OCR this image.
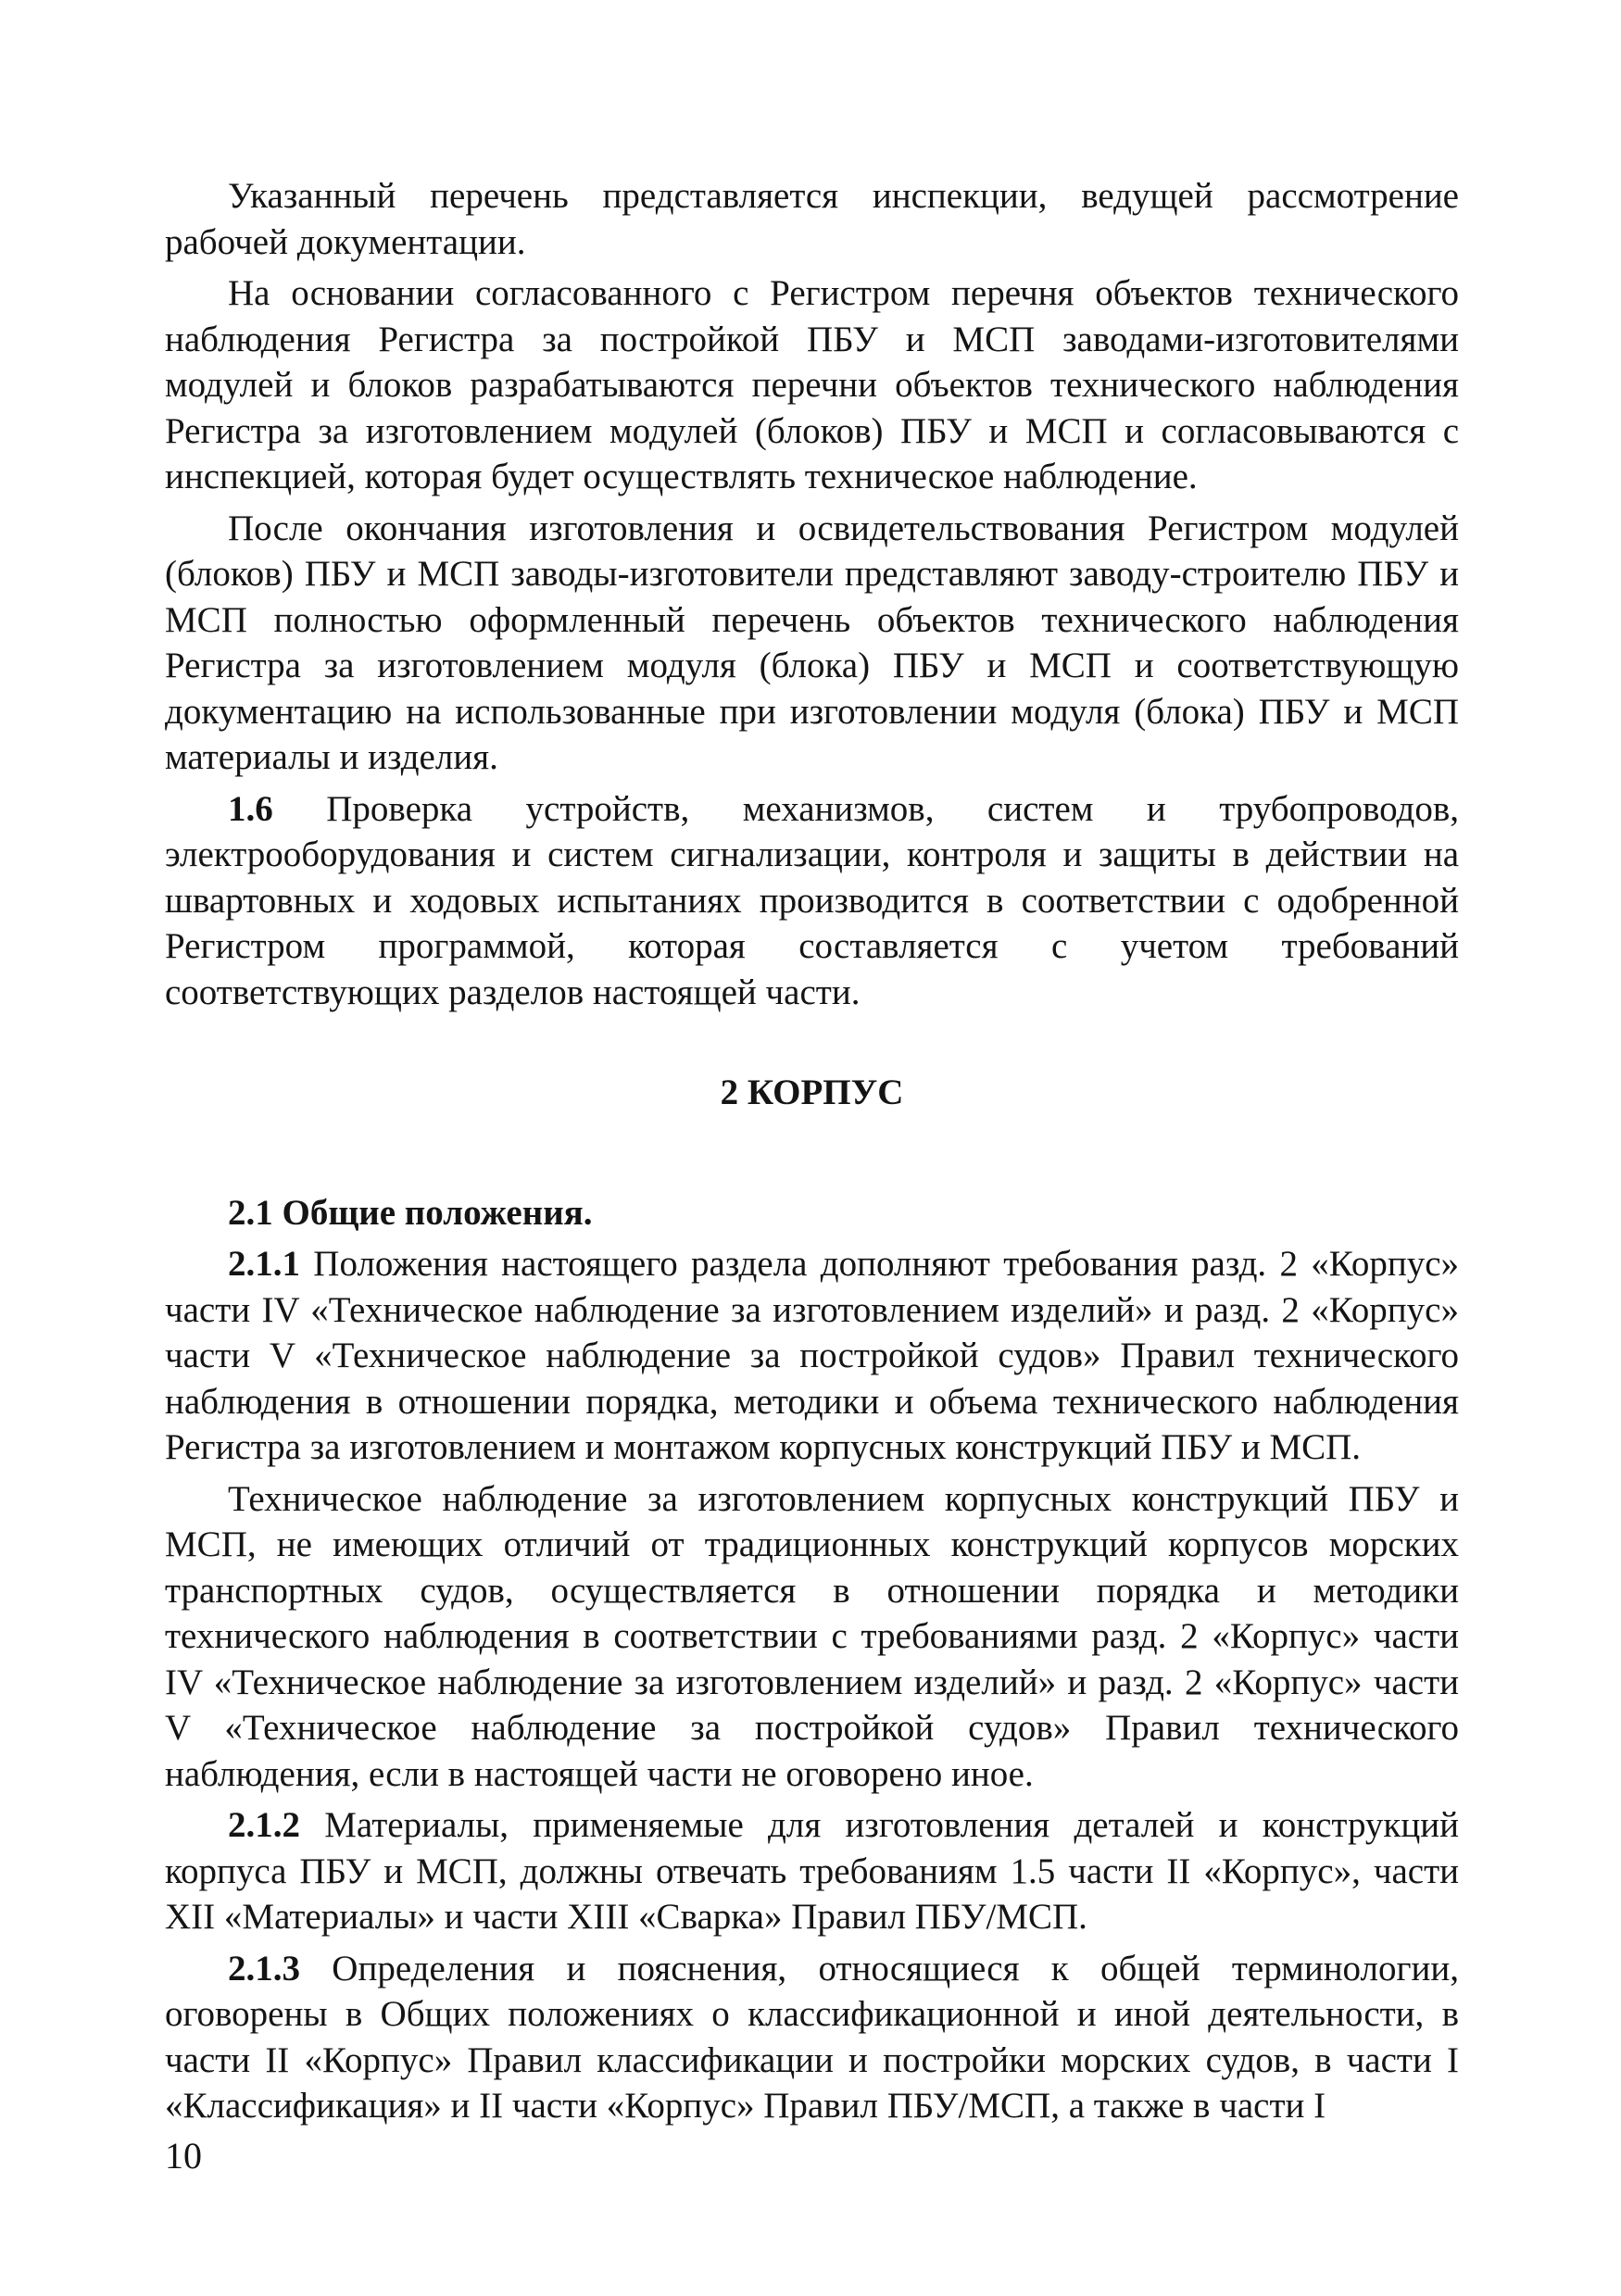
Указанный перечень представляется инспекции, ведущей рассмотрение рабочей документации.

На основании согласованного с Регистром перечня объектов технического наблюдения Регистра за постройкой ПБУ и МСП заводами-изготовителями модулей и блоков разрабатываются перечни объектов технического наблюдения Регистра за изготовлением модулей (блоков) ПБУ и МСП и согласовываются с инспекцией, которая будет осуществлять техническое наблюдение.

После окончания изготовления и освидетельствования Регистром модулей (блоков) ПБУ и МСП заводы-изготовители представляют заводу-строителю ПБУ и МСП полностью оформленный перечень объектов технического наблюдения Регистра за изготовлением модуля (блока) ПБУ и МСП и соответствующую документацию на использованные при изготовлении модуля (блока) ПБУ и МСП материалы и изделия.

1.6 Проверка устройств, механизмов, систем и трубопроводов, электрооборудования и систем сигнализации, контроля и защиты в действии на швартовных и ходовых испытаниях производится в соответствии с одобренной Регистром программой, которая составляется с учетом требований соответствующих разделов настоящей части.

2 КОРПУС
2.1 Общие положения.

2.1.1 Положения настоящего раздела дополняют требования разд. 2 «Корпус» части IV «Техническое наблюдение за изготовлением изделий» и разд. 2 «Корпус» части V «Техническое наблюдение за постройкой судов» Правил технического наблюдения в отношении порядка, методики и объема технического наблюдения Регистра за изготовлением и монтажом корпусных конструкций ПБУ и МСП.

Техническое наблюдение за изготовлением корпусных конструкций ПБУ и МСП, не имеющих отличий от традиционных конструкций корпусов морских транспортных судов, осуществляется в отношении порядка и методики технического наблюдения в соответствии с требованиями разд. 2 «Корпус» части IV «Техническое наблюдение за изготовлением изделий» и разд. 2 «Корпус» части V «Техническое наблюдение за постройкой судов» Правил технического наблюдения, если в настоящей части не оговорено иное.

2.1.2 Материалы, применяемые для изготовления деталей и конструкций корпуса ПБУ и МСП, должны отвечать требованиям 1.5 части II «Корпус», части XII «Материалы» и части XIII «Сварка» Правил ПБУ/МСП.

2.1.3 Определения и пояснения, относящиеся к общей терминологии, оговорены в Общих положениях о классификационной и иной деятельности, в части II «Корпус» Правил классификации и постройки морских судов, в части I «Классификация» и II части «Корпус» Правил ПБУ/МСП, а также в части I

10
